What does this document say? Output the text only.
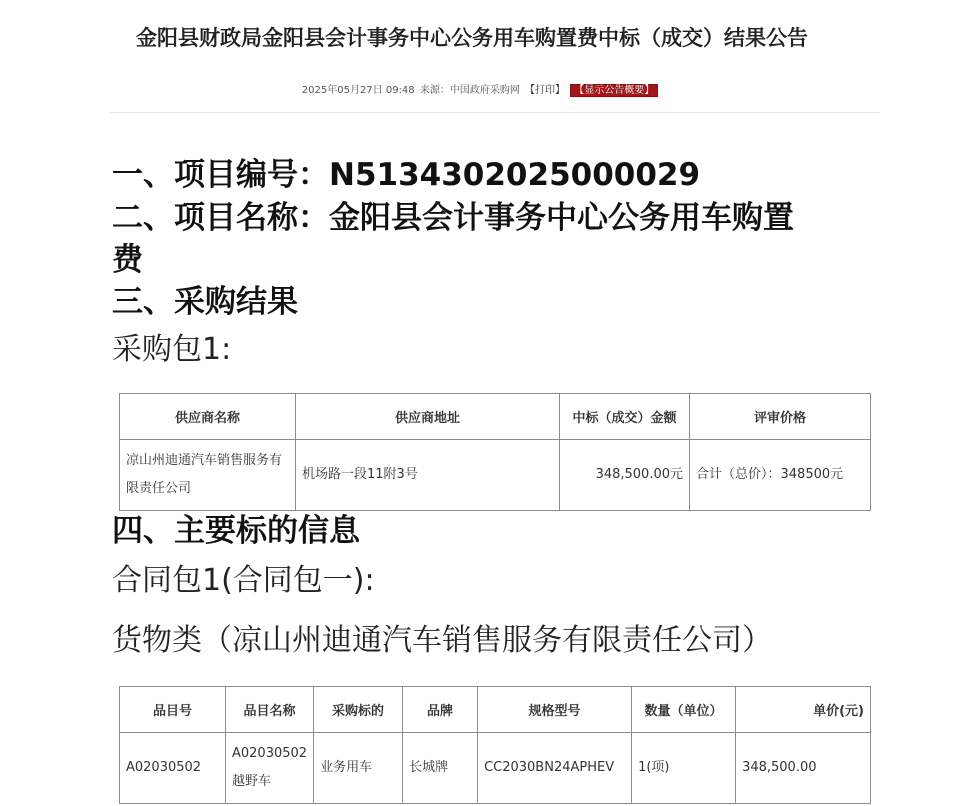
金阳县财政局金阳县会计事务中心公务用车购置费中标（成交）结果公告
2025年05月27日 09:48 来源：中国政府采购网 【打印】 【显示公告概要】
一、项目编号：N5134302025000029
二、项目名称：金阳县会计事务中心公务用车购置
费
三、采购结果
采购包1:
供应商名称	供应商地址	中标（成交）金额	评审价格
凉山州迪通汽车销售服务有限责任公司	机场路一段11附3号	348,500.00元	合计（总价）：348500元
四、主要标的信息
合同包1(合同包一):
货物类（凉山州迪通汽车销售服务有限责任公司）
品目号	品目名称	采购标的	品牌	规格型号	数量（单位）	单价(元)
A02030502	A02030502越野车	业务用车	长城牌	CC2030BN24APHEV	1(项)	348,500.00
